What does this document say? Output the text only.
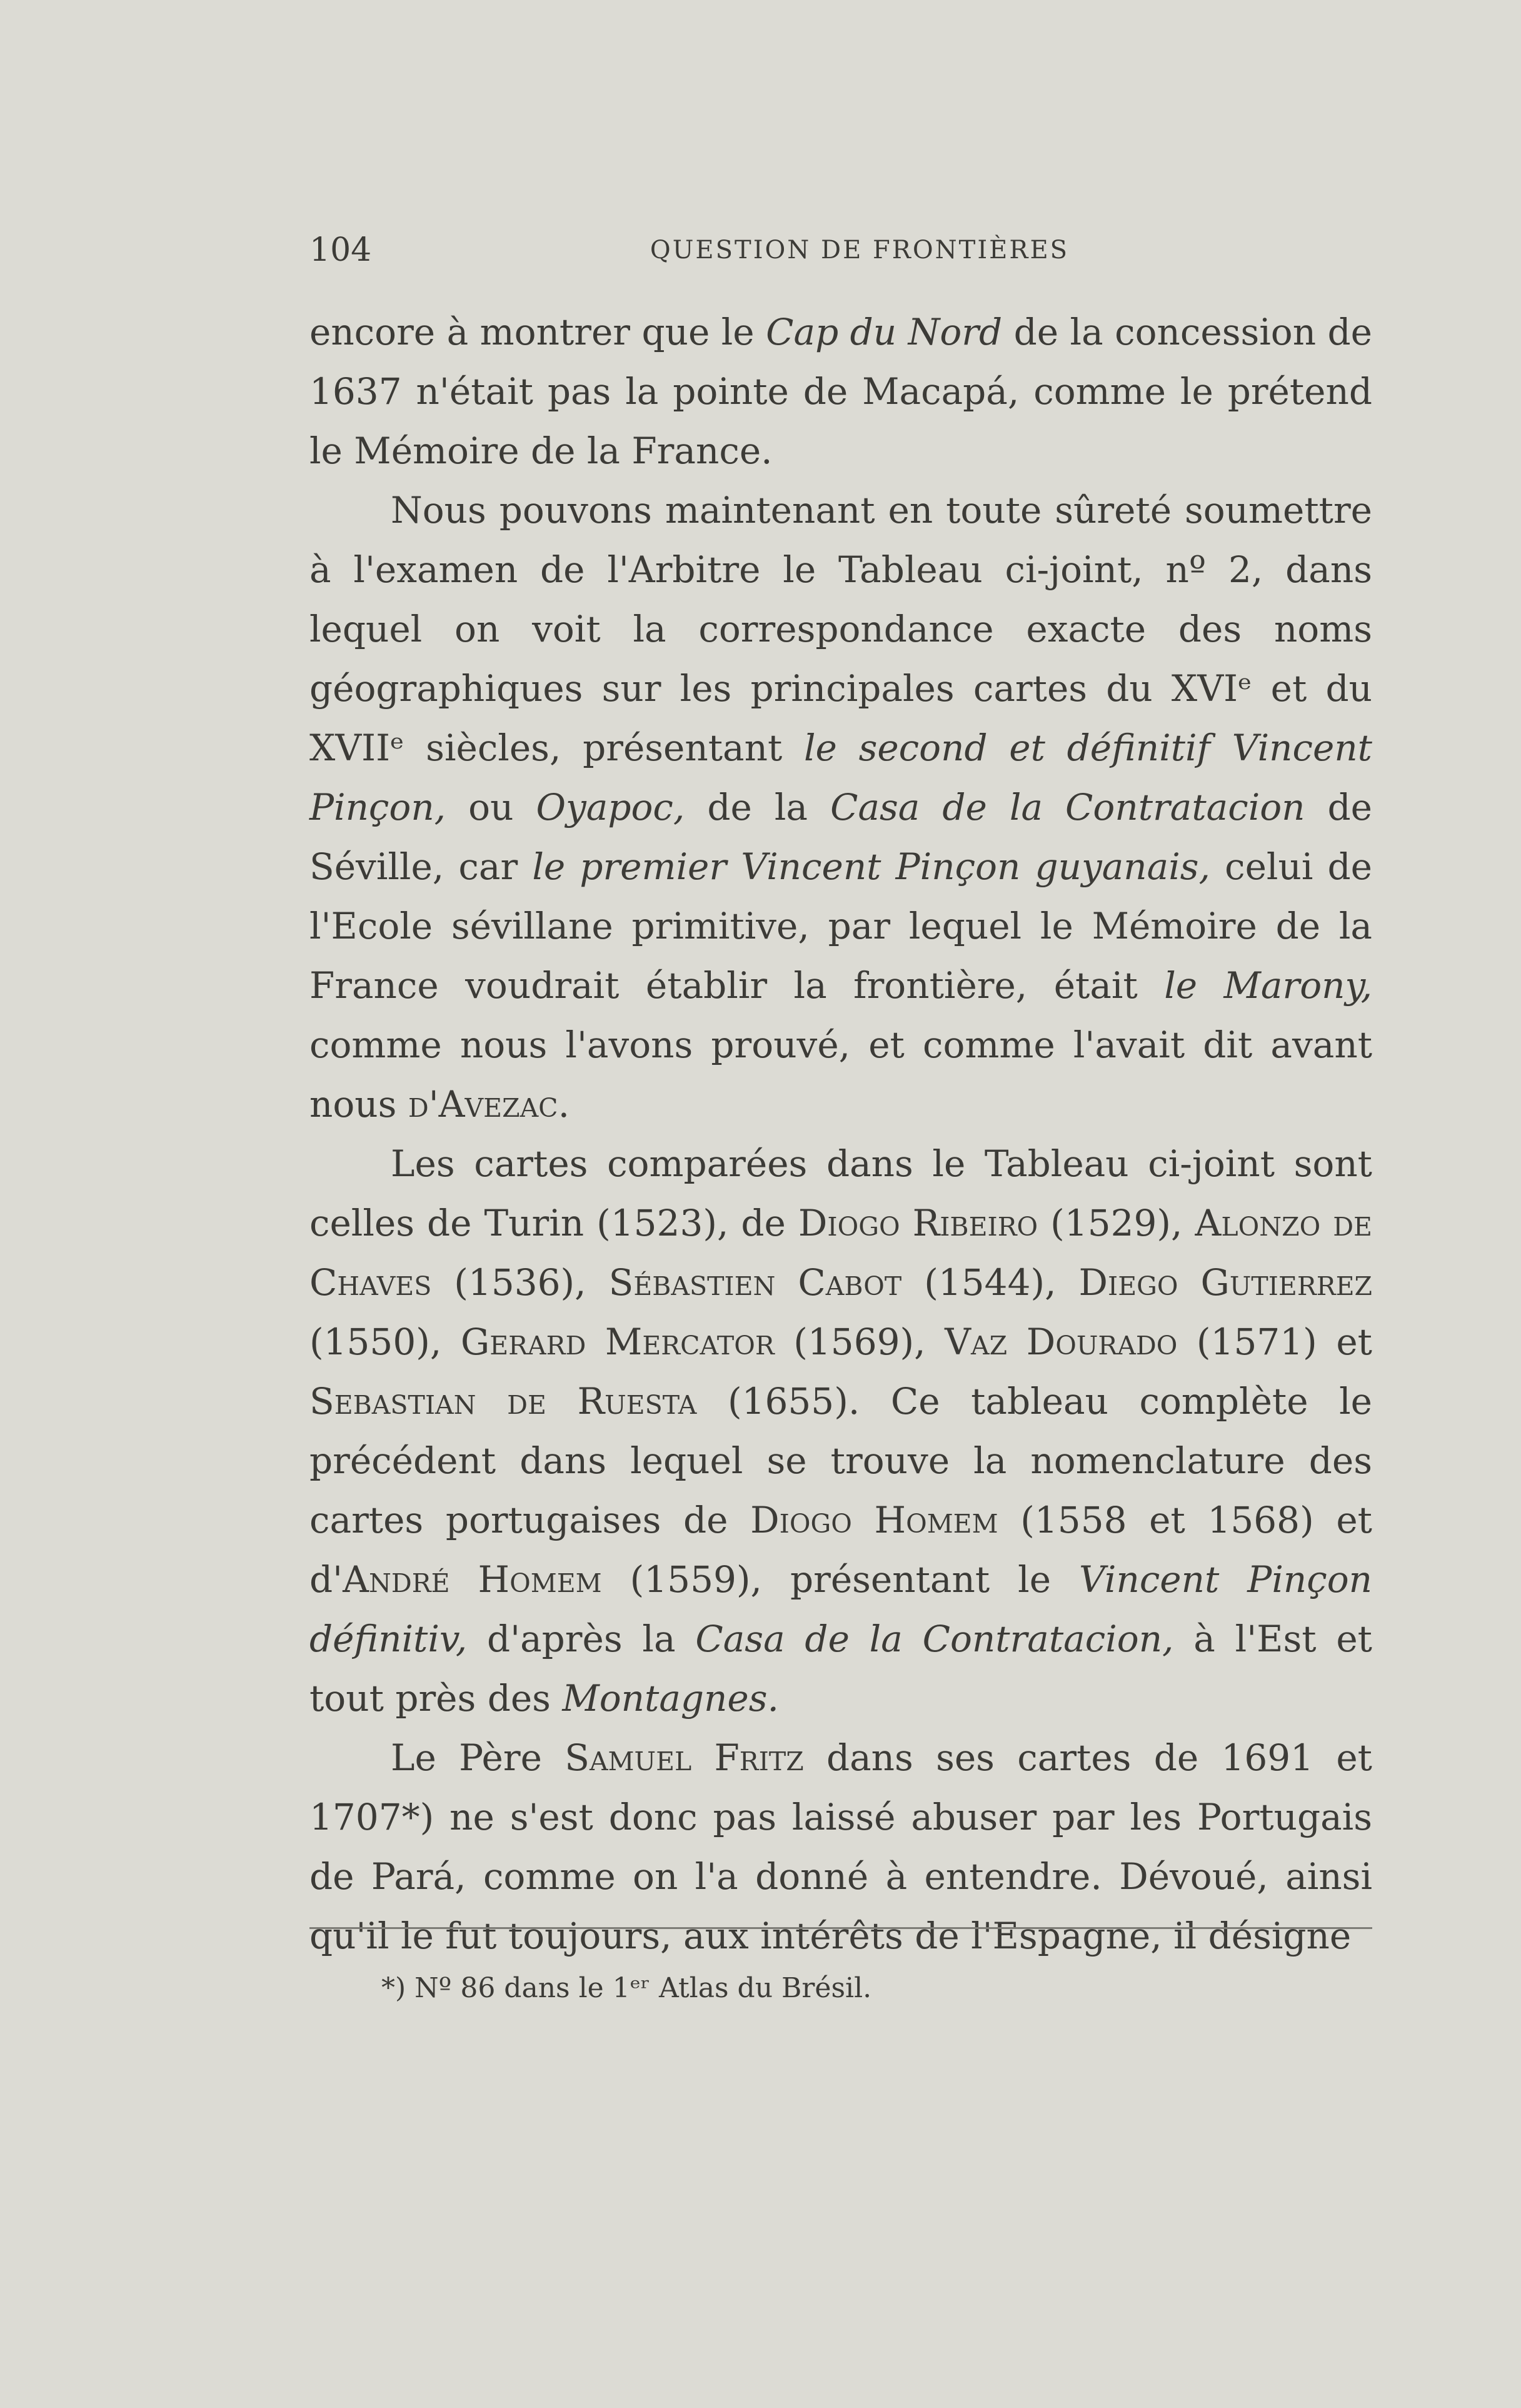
104	QUESTION DE FRONTIÈRES

encore à montrer que le Cap du Nord de la concession de 1637 n'était pas la pointe de Macapá, comme le prétend le Mémoire de la France.

Nous pouvons maintenant en toute sûreté soumettre à l'examen de l'Arbitre le Tableau ci-joint, nº 2, dans lequel on voit la correspondance exacte des noms géographiques sur les principales cartes du XVIᵉ et du XVIIᵉ siècles, présentant le second et définitif Vincent Pinçon, ou Oyapoc, de la Casa de la Contratacion de Séville, car le premier Vincent Pinçon guyanais, celui de l'Ecole sévillane primitive, par lequel le Mémoire de la France voudrait établir la frontière, était le Marony, comme nous l'avons prouvé, et comme l'avait dit avant nous d'Avezac.

Les cartes comparées dans le Tableau ci-joint sont celles de Turin (1523), de Diogo Ribeiro (1529), Alonzo de Chaves (1536), Sébastien Cabot (1544), Diego Gutierrez (1550), Gerard Mercator (1569), Vaz Dourado (1571) et Sebastian de Ruesta (1655). Ce tableau complète le précédent dans lequel se trouve la nomenclature des cartes portugaises de Diogo Homem (1558 et 1568) et d'André Homem (1559), présentant le Vincent Pinçon définitiv, d'après la Casa de la Contratacion, à l'Est et tout près des Montagnes.

Le Père Samuel Fritz dans ses cartes de 1691 et 1707*) ne s'est donc pas laissé abuser par les Portugais de Pará, comme on l'a donné à entendre. Dévoué, ainsi qu'il le fut toujours, aux intérêts de l'Espagne, il désigne

*) Nº 86 dans le 1ᵉʳ Atlas du Brésil.
